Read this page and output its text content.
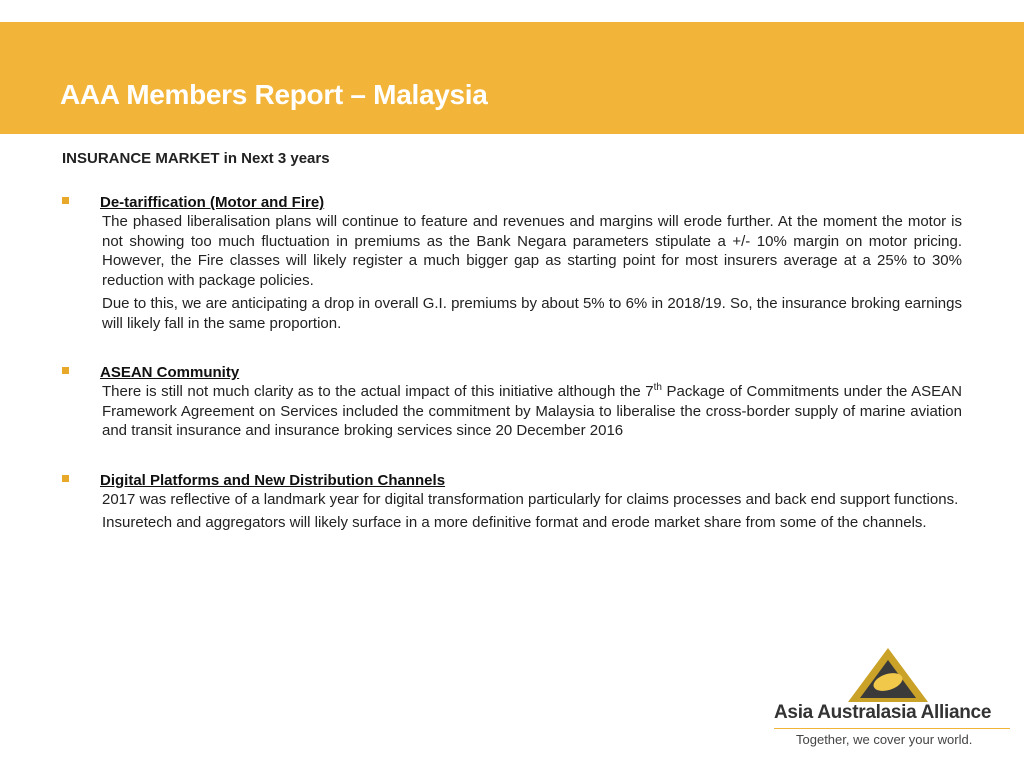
AAA Members Report – Malaysia
INSURANCE MARKET in Next 3 years
De-tariffication (Motor and Fire)

The phased liberalisation plans will continue to feature and revenues and margins will erode further. At the moment the motor is not showing too much fluctuation in premiums as the Bank Negara parameters stipulate a +/- 10% margin on motor pricing. However, the Fire classes will likely register a much bigger gap as starting point for most insurers average at a 25% to 30% reduction with package policies.

Due to this, we are anticipating a drop in overall G.I. premiums by about 5% to 6% in 2018/19. So, the insurance broking earnings will likely fall in the same proportion.

ASEAN Community

There is still not much clarity as to the actual impact of this initiative although the 7th Package of Commitments under the ASEAN Framework Agreement on Services included the commitment by Malaysia to liberalise the cross-border supply of marine aviation and transit insurance and insurance broking services since 20 December 2016

Digital Platforms and New Distribution Channels

2017 was reflective of a landmark year for digital transformation particularly for claims processes and back end support functions.

Insuretech and aggregators will likely surface in a more definitive format and erode market share from some of the channels.

Asia Australasia Alliance
Together, we cover your world.
